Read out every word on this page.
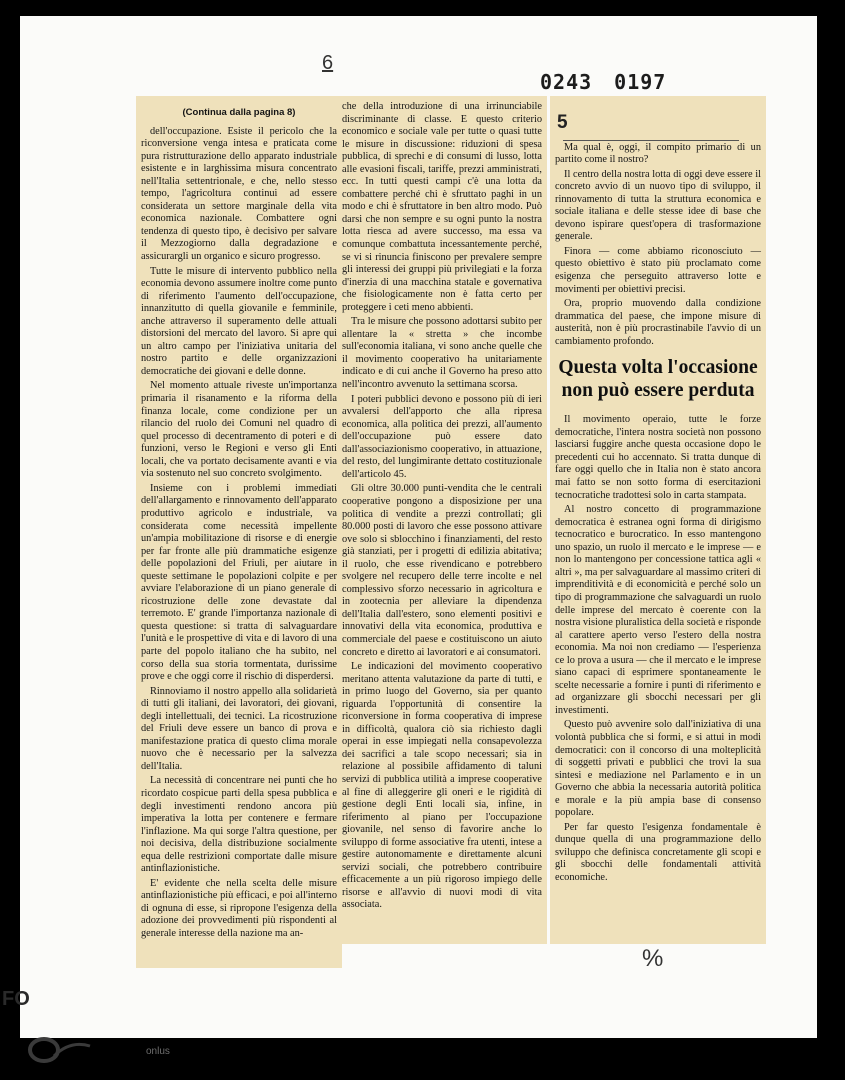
6
0243 0197
(Continua dalla pagina 8)

dell'occupazione. Esiste il pericolo che la riconversione venga intesa e praticata come pura ristrutturazione dello apparato industriale esistente e in larghissima misura concentrato nell'Italia settentrionale, e che, nello stesso tempo, l'agricoltura continui ad essere considerata un settore marginale della vita economica nazionale. Combattere ogni tendenza di questo tipo, è decisivo per salvare il Mezzogiorno dalla degradazione e assicurargli un organico e sicuro progresso.

Tutte le misure di intervento pubblico nella economia devono assumere inoltre come punto di riferimento l'aumento dell'occupazione, innanzitutto di quella giovanile e femminile, anche attraverso il superamento delle attuali distorsioni del mercato del lavoro. Si apre qui un altro campo per l'iniziativa unitaria del nostro partito e delle organizzazioni democratiche dei giovani e delle donne.

Nel momento attuale riveste un'importanza primaria il risanamento e la riforma della finanza locale, come condizione per un rilancio del ruolo dei Comuni nel quadro di quel processo di decentramento di poteri e di funzioni, verso le Regioni e verso gli Enti locali, che va portato decisamente avanti e via via sostenuto nel suo concreto svolgimento.

Insieme con i problemi immediati dell'allargamento e rinnovamento dell'apparato produttivo agricolo e industriale, va considerata come necessità impellente un'ampia mobilitazione di risorse e di energie per far fronte alle più drammatiche esigenze delle popolazioni del Friuli, per aiutare in queste settimane le popolazioni colpite e per avviare l'elaborazione di un piano generale di ricostruzione delle zone devastate dal terremoto. E' grande l'importanza nazionale di questa questione: si tratta di salvaguardare l'unità e le prospettive di vita e di lavoro di una parte del popolo italiano che ha subito, nel corso della sua storia tormentata, durissime prove e che oggi corre il rischio di disperdersi.

Rinnoviamo il nostro appello alla solidarietà di tutti gli italiani, dei lavoratori, dei giovani, degli intellettuali, dei tecnici. La ricostruzione del Friuli deve essere un banco di prova e manifestazione pratica di questo clima morale nuovo che è necessario per la salvezza dell'Italia.

La necessità di concentrare nei punti che ho ricordato cospicue parti della spesa pubblica e degli investimenti rendono ancora più imperativa la lotta per contenere e fermare l'inflazione. Ma qui sorge l'altra questione, per noi decisiva, della distribuzione socialmente equa delle restrizioni comportate dalle misure antinflazionistiche.

E' evidente che nella scelta delle misure antinflazionistiche più efficaci, e poi all'interno di ognuna di esse, si ripropone l'esigenza della adozione dei provvedimenti più rispondenti al generale interesse della nazione ma an-

che della introduzione di una irrinunciabile discriminante di classe. E questo criterio economico e sociale vale per tutte o quasi tutte le misure in discussione: riduzioni di spesa pubblica, di sprechi e di consumi di lusso, lotta alle evasioni fiscali, tariffe, prezzi amministrati, ecc. In tutti questi campi c'è una lotta da combattere perché chi è sfruttato paghi in un modo e chi è sfruttatore in ben altro modo. Può darsi che non sempre e su ogni punto la nostra lotta riesca ad avere successo, ma essa va comunque combattuta incessantemente perché, se vi si rinuncia finiscono per prevalere sempre gli interessi dei gruppi più privilegiati e la forza d'inerzia di una macchina statale e governativa che fisiologicamente non è fatta certo per proteggere i ceti meno abbienti.

Tra le misure che possono adottarsi subito per allentare la « stretta » che incombe sull'economia italiana, vi sono anche quelle che il movimento cooperativo ha unitariamente indicato e di cui anche il Governo ha preso atto nell'incontro avvenuto la settimana scorsa.

I poteri pubblici devono e possono più di ieri avvalersi dell'apporto che alla ripresa economica, alla politica dei prezzi, all'aumento dell'occupazione può essere dato dall'associazionismo cooperativo, in attuazione, del resto, del lungimirante dettato costituzionale dell'articolo 45.

Gli oltre 30.000 punti-vendita che le centrali cooperative pongono a disposizione per una politica di vendite a prezzi controllati; gli 80.000 posti di lavoro che esse possono attivare ove solo si sblocchino i finanziamenti, del resto già stanziati, per i progetti di edilizia abitativa; il ruolo, che esse rivendicano e potrebbero svolgere nel recupero delle terre incolte e nel complessivo sforzo necessario in agricoltura e in zootecnia per alleviare la dipendenza dell'Italia dall'estero, sono elementi positivi e innovativi della vita economica, produttiva e commerciale del paese e costituiscono un aiuto concreto e diretto ai lavoratori e ai consumatori.

Le indicazioni del movimento cooperativo meritano attenta valutazione da parte di tutti, e in primo luogo del Governo, sia per quanto riguarda l'opportunità di consentire la riconversione in forma cooperativa di imprese in difficoltà, qualora ciò sia richiesto dagli operai in esse impiegati nella consapevolezza dei sacrifici a tale scopo necessari; sia in relazione al possibile affidamento di taluni servizi di pubblica utilità a imprese cooperative al fine di alleggerire gli oneri e le rigidità di gestione degli Enti locali sia, infine, in riferimento al piano per l'occupazione giovanile, nel senso di favorire anche lo sviluppo di forme associative fra utenti, intese a gestire autonomamente e direttamente alcuni servizi sociali, che potrebbero contribuire efficacemente a un più rigoroso impiego delle risorse e all'avvio di nuovi modi di vita associata.

5

Ma qual è, oggi, il compito primario di un partito come il nostro?

Il centro della nostra lotta di oggi deve essere il concreto avvio di un nuovo tipo di sviluppo, il rinnovamento di tutta la struttura economica e sociale italiana e delle stesse idee di base che devono ispirare quest'opera di trasformazione generale.

Finora — come abbiamo riconosciuto — questo obiettivo è stato più proclamato come esigenza che perseguito attraverso lotte e movimenti per obiettivi precisi.

Ora, proprio muovendo dalla condizione drammatica del paese, che impone misure di austerità, non è più procrastinabile l'avvio di un cambiamento profondo.

Questa volta l'occasione non può essere perduta

Il movimento operaio, tutte le forze democratiche, l'intera nostra società non possono lasciarsi fuggire anche questa occasione dopo le precedenti cui ho accennato. Si tratta dunque di fare oggi quello che in Italia non è stato ancora mai fatto se non sotto forma di esercitazioni tecnocratiche tradottesi solo in carta stampata.

Al nostro concetto di programmazione democratica è estranea ogni forma di dirigismo tecnocratico e burocratico. In esso mantengono uno spazio, un ruolo il mercato e le imprese — e non lo mantengono per concessione tattica agli « altri », ma per salvaguardare al massimo criteri di imprenditività e di economicità e perché solo un tipo di programmazione che salvaguardi un ruolo delle imprese del mercato è coerente con la nostra visione pluralistica della società e risponde al carattere aperto verso l'estero della nostra economia. Ma noi non crediamo — l'esperienza ce lo prova a usura — che il mercato e le imprese siano capaci di esprimere spontaneamente le scelte necessarie a fornire i punti di riferimento e ad organizzare gli sbocchi necessari per gli investimenti.

Questo può avvenire solo dall'iniziativa di una volontà pubblica che si formi, e si attui in modi democratici: con il concorso di una molteplicità di soggetti privati e pubblici che trovi la sua sintesi e mediazione nel Parlamento e in un Governo che abbia la necessaria autorità politica e morale e la più ampia base di consenso popolare.

Per far questo l'esigenza fondamentale è dunque quella di una programmazione dello sviluppo che definisca concretamente gli scopi e gli sbocchi delle fondamentali attività economiche.

%
FO
onlus
